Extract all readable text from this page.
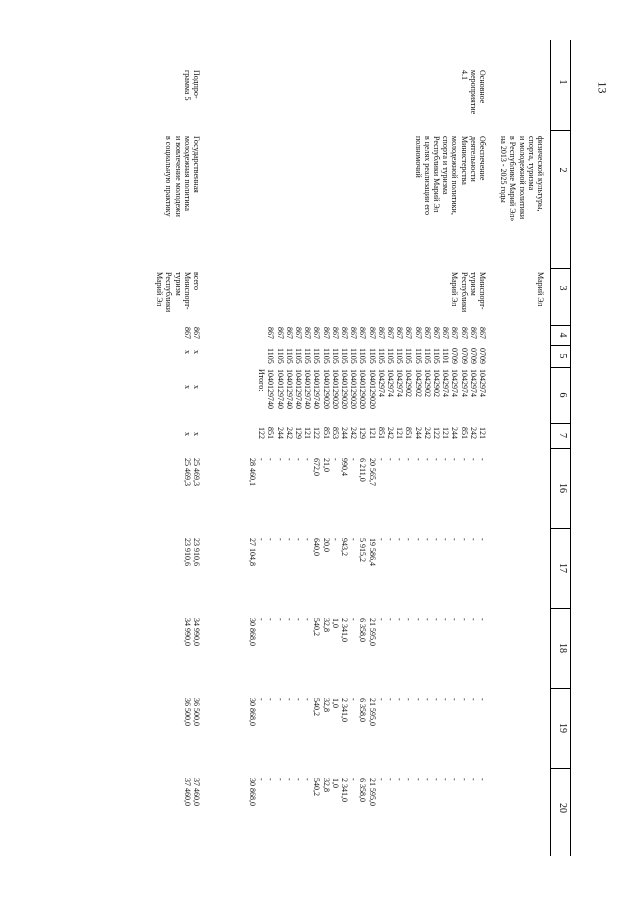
13
1
2
3
4
5
6
7
16
17
18
19
20
физической культуры,
спорта, туризма
и молодежной политики
в Республике Марий Эл»
на 2013 - 2025 годы
Марий Эл
Основное
мероприятие
4.1
Обеспечение
деятельности
Министерства
молодежной политики,
спорта и туризма
Республики Марий Эл
в целях реализации его
полномочий
Минспорт-
туризм
Республики
Марий Эл
867
867
867
867
867
867
867
867
867
867
867
867
867
867
867
867
867
867
867
867
867
867
867
867
0709
0709
0709
0709
1101
1105
1105
1105
1105
1105
1105
1105
1105
1105
1105
1105
1105
1105
1105
1105
1105
1105
1105
1105
1042974
1042974
1042974
1042974
1042974
1042902
1042902
1042902
1042902
1042974
1042974
1042974
1040129020
1040129020
1040129020
1040129020
1040129020
1040129020
1040129740
1040129740
1040129740
1040129740
1040129740
1040129740
Итого:
121
242
851
244
121
122
242
244
851
121
242
851
121
129
242
244
853
851
122
121
129
242
244
851
122
-
-
-
-
-
-
-
-
-
-
-
-
20 565,7
6 211,0
-
990,4
-
21,0
672,0
-
-
-
-
-
-
28 460,1
-
-
-
-
-
-
-
-
-
-
-
-
19 586,4
5 915,2
-
943,2
-
20,0
640,0
-
-
-
-
-
-
27 104,8
-
-
-
-
-
-
-
-
-
-
-
-
21 595,0
6 358,0
-
2 341,0
1,0
32,8
540,2
-
-
-
-
-
-
30 868,0
-
-
-
-
-
-
-
-
-
-
-
-
21 595,0
6 358,0
-
2 341,0
1,0
32,8
540,2
-
-
-
-
-
-
30 868,0
-
-
-
-
-
-
-
-
-
-
-
-
21 595,0
6 358,0
-
2 341,0
1,0
32,8
540,2
-
-
-
-
-
-
30 868,0
Подпро-
грамма 5
Государственная
молодежная политика
и вовлечение молодежи
в социальную практику
всего
Минспорт-
туризм
Республики
Марий Эл
867
867
x
x
x
x
x
x
25 469,3
25 469,3
23 910,6
23 910,6
34 990,0
34 990,0
36 500,0
36 500,0
37 460,0
37 460,0
